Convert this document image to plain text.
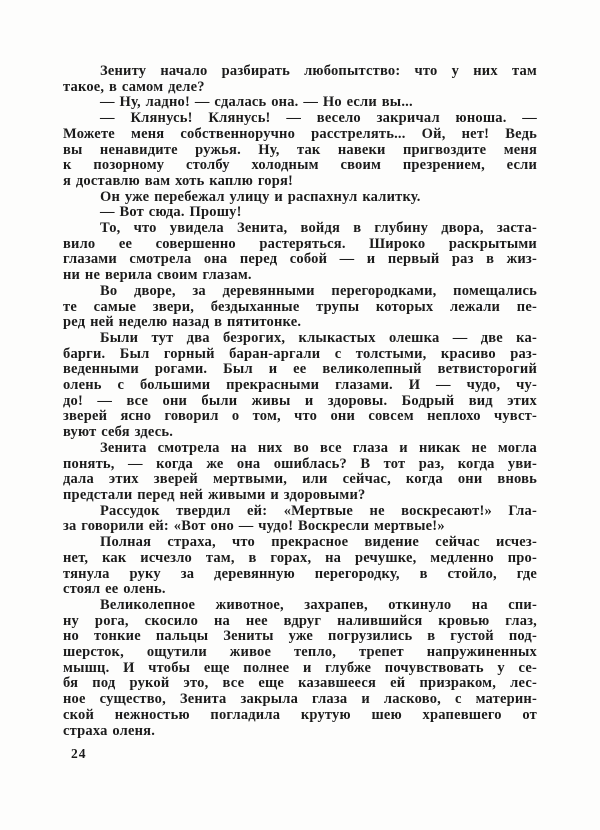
Зениту начало разбирать любопытство: что у них там
такое, в самом деле?
— Ну, ладно! — сдалась она. — Но если вы...
— Клянусь! Клянусь! — весело закричал юноша. —
Можете меня собственноручно расстрелять... Ой, нет! Ведь
вы ненавидите ружья. Ну, так навеки пригвоздите меня
к позорному столбу холодным своим презрением, если
я доставлю вам хоть каплю горя!
Он уже перебежал улицу и распахнул калитку.
— Вот сюда. Прошу!
То, что увидела Зенита, войдя в глубину двора, заста-
вило ее совершенно растеряться. Широко раскрытыми
глазами смотрела она перед собой — и первый раз в жиз-
ни не верила своим глазам.
Во дворе, за деревянными перегородками, помещались
те самые звери, бездыханные трупы которых лежали пе-
ред ней неделю назад в пятитонке.
Были тут два безрогих, клыкастых олешка — две ка-
барги. Был горный баран-аргали с толстыми, красиво раз-
веденными рогами. Был и ее великолепный ветвисторогий
олень с большими прекрасными глазами. И — чудо, чу-
до! — все они были живы и здоровы. Бодрый вид этих
зверей ясно говорил о том, что они совсем неплохо чувст-
вуют себя здесь.
Зенита смотрела на них во все глаза и никак не могла
понять, — когда же она ошиблась? В тот раз, когда уви-
дала этих зверей мертвыми, или сейчас, когда они вновь
предстали перед ней живыми и здоровыми?
Рассудок твердил ей: «Мертвые не воскресают!» Гла-
за говорили ей: «Вот оно — чудо! Воскресли мертвые!»
Полная страха, что прекрасное видение сейчас исчез-
нет, как исчезло там, в горах, на речушке, медленно про-
тянула руку за деревянную перегородку, в стойло, где
стоял ее олень.
Великолепное животное, захрапев, откинуло на спи-
ну рога, скосило на нее вдруг налившийся кровью глаз,
но тонкие пальцы Зениты уже погрузились в густой под-
шерсток, ощутили живое тепло, трепет напружиненных
мышц. И чтобы еще полнее и глубже почувствовать у се-
бя под рукой это, все еще казавшееся ей призраком, лес-
ное существо, Зенита закрыла глаза и ласково, с материн-
ской нежностью погладила крутую шею храпевшего от
страха оленя.
24
